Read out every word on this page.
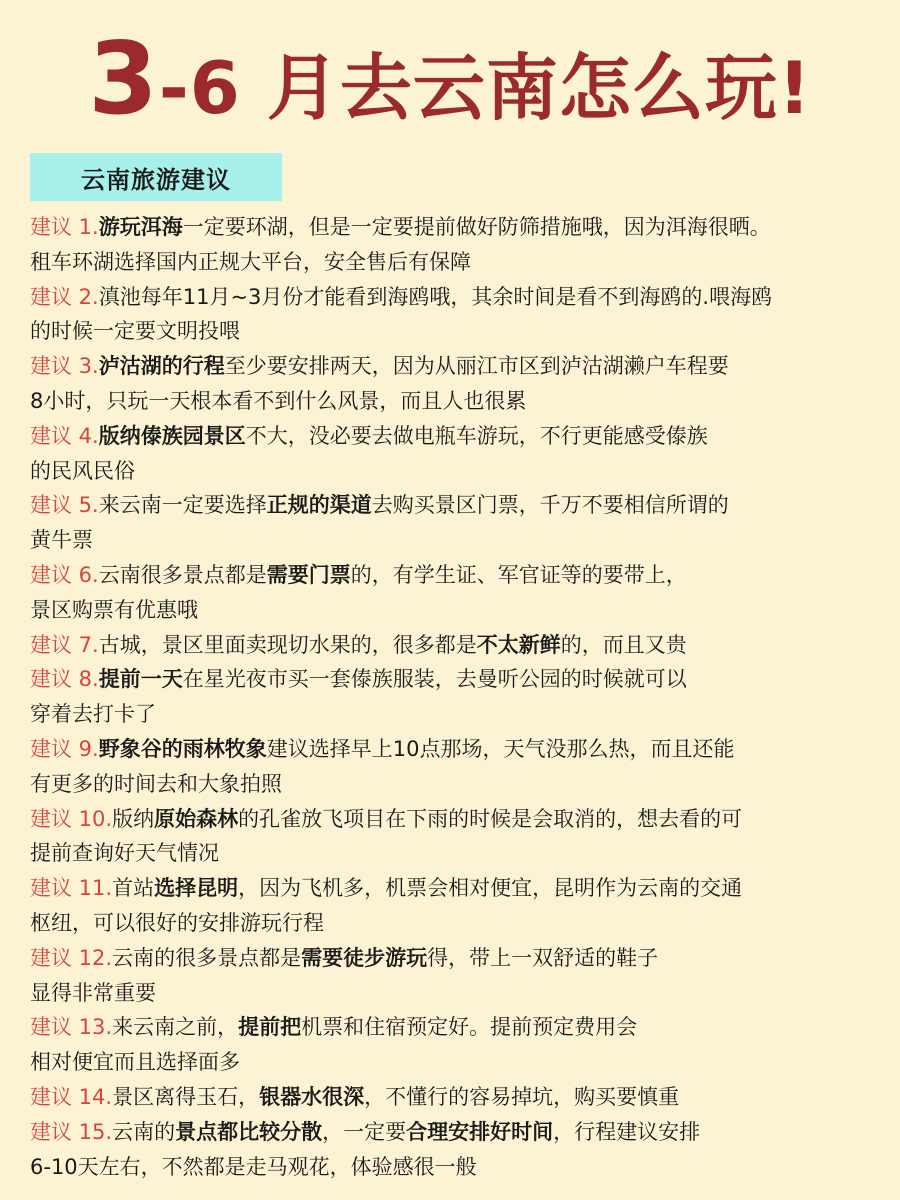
3-6 月去云南怎么玩!
云南旅游建议
建议 1.游玩洱海一定要环湖，但是一定要提前做好防筛措施哦，因为洱海很晒。
租车环湖选择国内正规大平台，安全售后有保障
建议 2.滇池每年11月~3月份才能看到海鸥哦，其余时间是看不到海鸥的.喂海鸥
的时候一定要文明投喂
建议 3.泸沽湖的行程至少要安排两天，因为从丽江市区到泸沽湖濑户车程要
8小时，只玩一天根本看不到什么风景，而且人也很累
建议 4.版纳傣族园景区不大，没必要去做电瓶车游玩，不行更能感受傣族
的民风民俗
建议 5.来云南一定要选择正规的渠道去购买景区门票，千万不要相信所谓的
黄牛票
建议 6.云南很多景点都是需要门票的，有学生证、军官证等的要带上，
景区购票有优惠哦
建议 7.古城，景区里面卖现切水果的，很多都是不太新鲜的，而且又贵
建议 8.提前一天在星光夜市买一套傣族服装，去曼听公园的时候就可以
穿着去打卡了
建议 9.野象谷的雨林牧象建议选择早上10点那场，天气没那么热，而且还能
有更多的时间去和大象拍照
建议 10.版纳原始森林的孔雀放飞项目在下雨的时候是会取消的，想去看的可
提前查询好天气情况
建议 11.首站选择昆明，因为飞机多，机票会相对便宜，昆明作为云南的交通
枢纽，可以很好的安排游玩行程
建议 12.云南的很多景点都是需要徒步游玩得，带上一双舒适的鞋子
显得非常重要
建议 13.来云南之前，提前把机票和住宿预定好。提前预定费用会
相对便宜而且选择面多
建议 14.景区离得玉石，银器水很深，不懂行的容易掉坑，购买要慎重
建议 15.云南的景点都比较分散，一定要合理安排好时间，行程建议安排
6-10天左右，不然都是走马观花，体验感很一般
